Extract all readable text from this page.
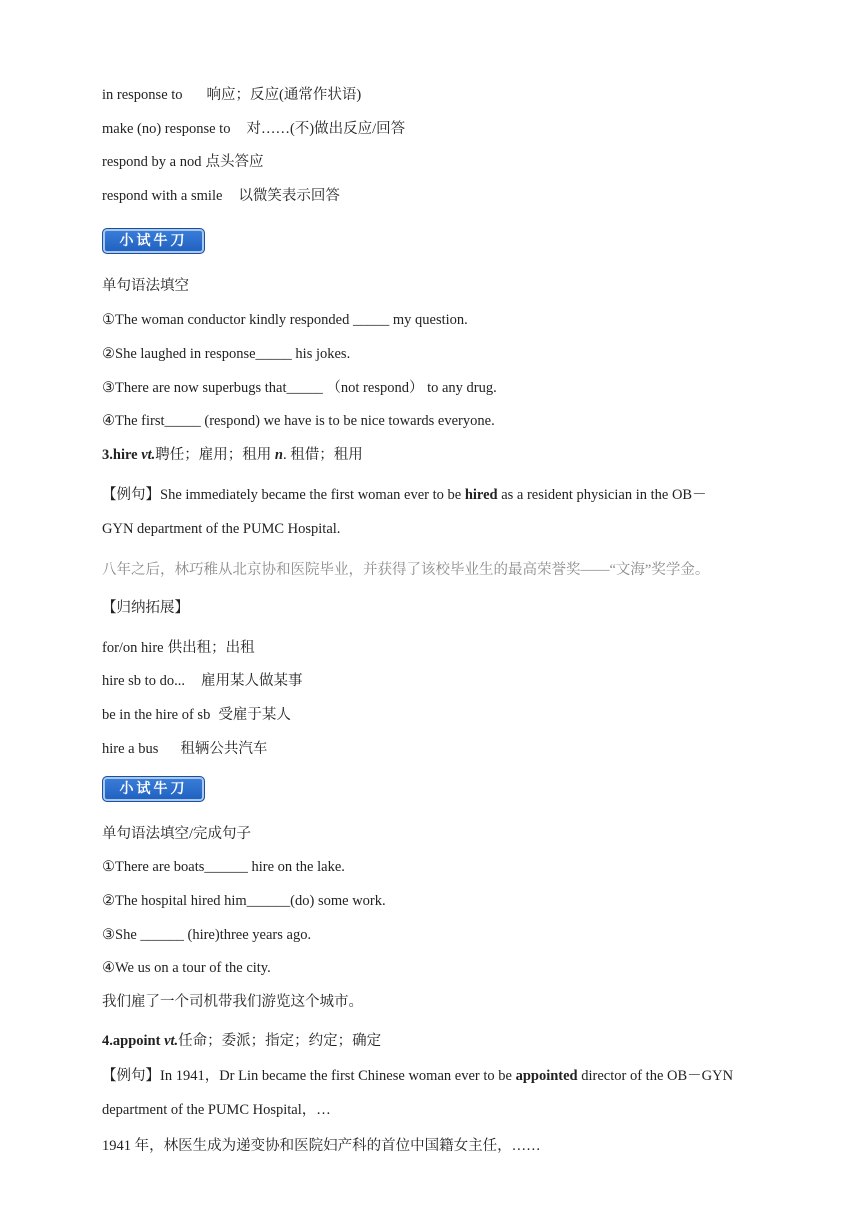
in response to 响应；反应(通常作状语)
make (no) response to 对……(不)做出反应/回答
respond by a nod 点头答应
respond with a smile 以微笑表示回答
小试牛刀
单句语法填空
①The woman conductor kindly responded _____ my question.
②She laughed in response_____ his jokes.
③There are now superbugs that_____ （not respond） to any drug.
④The first_____ (respond) we have is to be nice towards everyone.
3.hire vt.聘任；雇用；租用 n. 租借；租用
【例句】She immediately became the first woman ever to be hired as a resident physician in the OB－
GYN department of the PUMC Hospital.
八年之后，林巧稚从北京协和医院毕业，并获得了该校毕业生的最高荣誉奖——“文海”奖学金。
【归纳拓展】
for/on hire 供出租；出租
hire sb to do... 雇用某人做某事
be in the hire of sb 受雇于某人
hire a bus 租辆公共汽车
小试牛刀
单句语法填空/完成句子
①There are boats______ hire on the lake.
②The hospital hired him______(do) some work.
③She ______ (hire)three years ago.
④We us on a tour of the city.
我们雇了一个司机带我们游览这个城市。
4.appoint vt.任命；委派；指定；约定；确定
【例句】In 1941，Dr Lin became the first Chinese woman ever to be appointed director of the OB－GYN
department of the PUMC Hospital，…
1941 年，林医生成为递变协和医院妇产科的首位中国籍女主任，……
